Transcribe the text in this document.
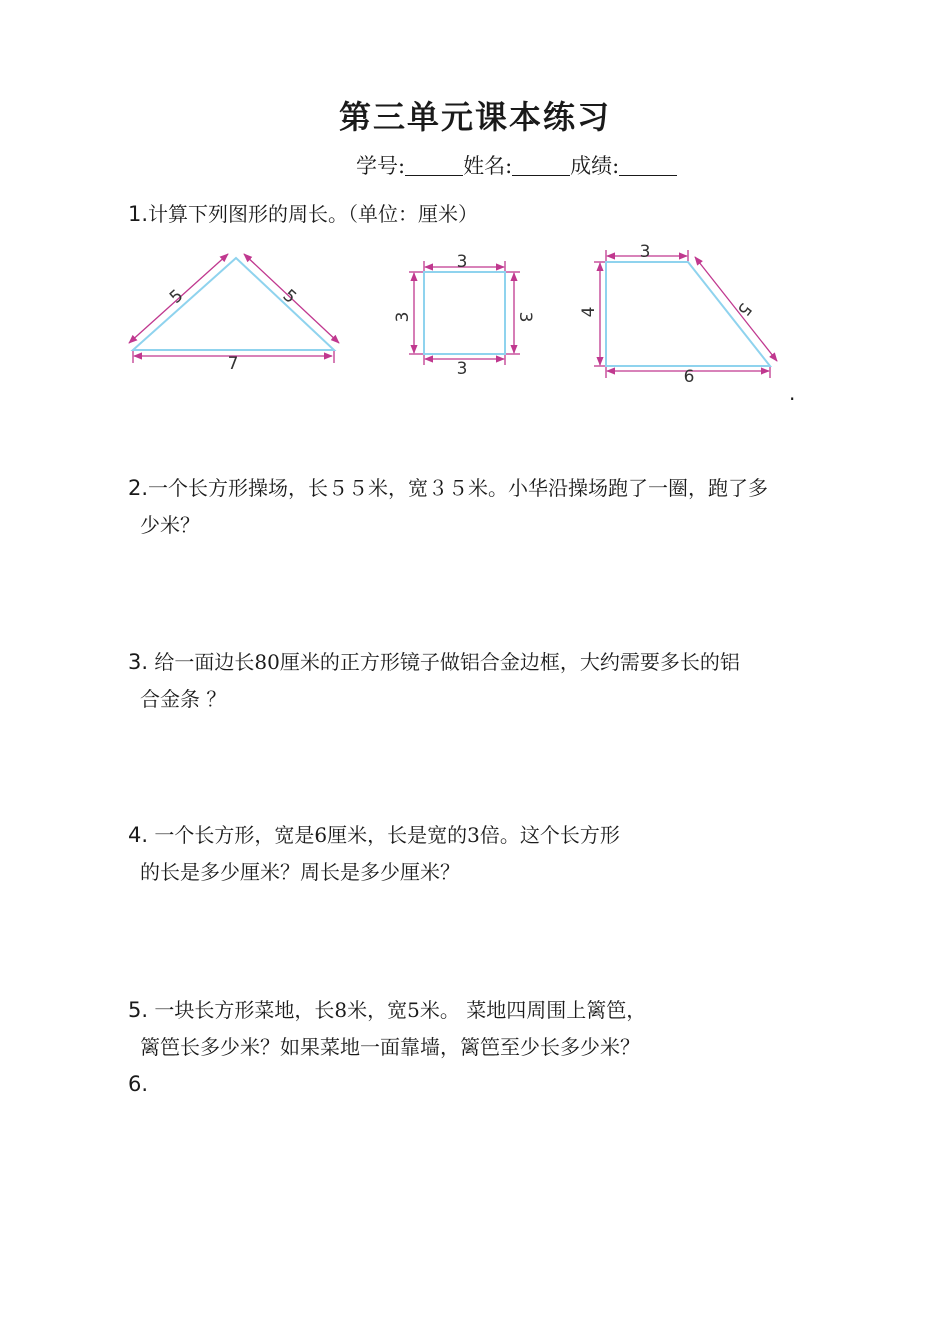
第三单元课本练习
学号:	姓名:	成绩:
1.计算下列图形的周长。（单位：厘米）
5	5
7
3
3
3	3
3
6
4	5
.
2.一个长方形操场，长５５米，宽３５米。小华沿操场跑了一圈，跑了多
少米？
3. 给一面边长80厘米的正方形镜子做铝合金边框，大约需要多长的铝
合金条 ？
4. 一个长方形，宽是6厘米，长是宽的3倍。这个长方形
的长是多少厘米？周长是多少厘米？
5. 一块长方形菜地，长8米，宽5米。 菜地四周围上篱笆，
篱笆长多少米？如果菜地一面靠墙，篱笆至少长多少米？
6.
